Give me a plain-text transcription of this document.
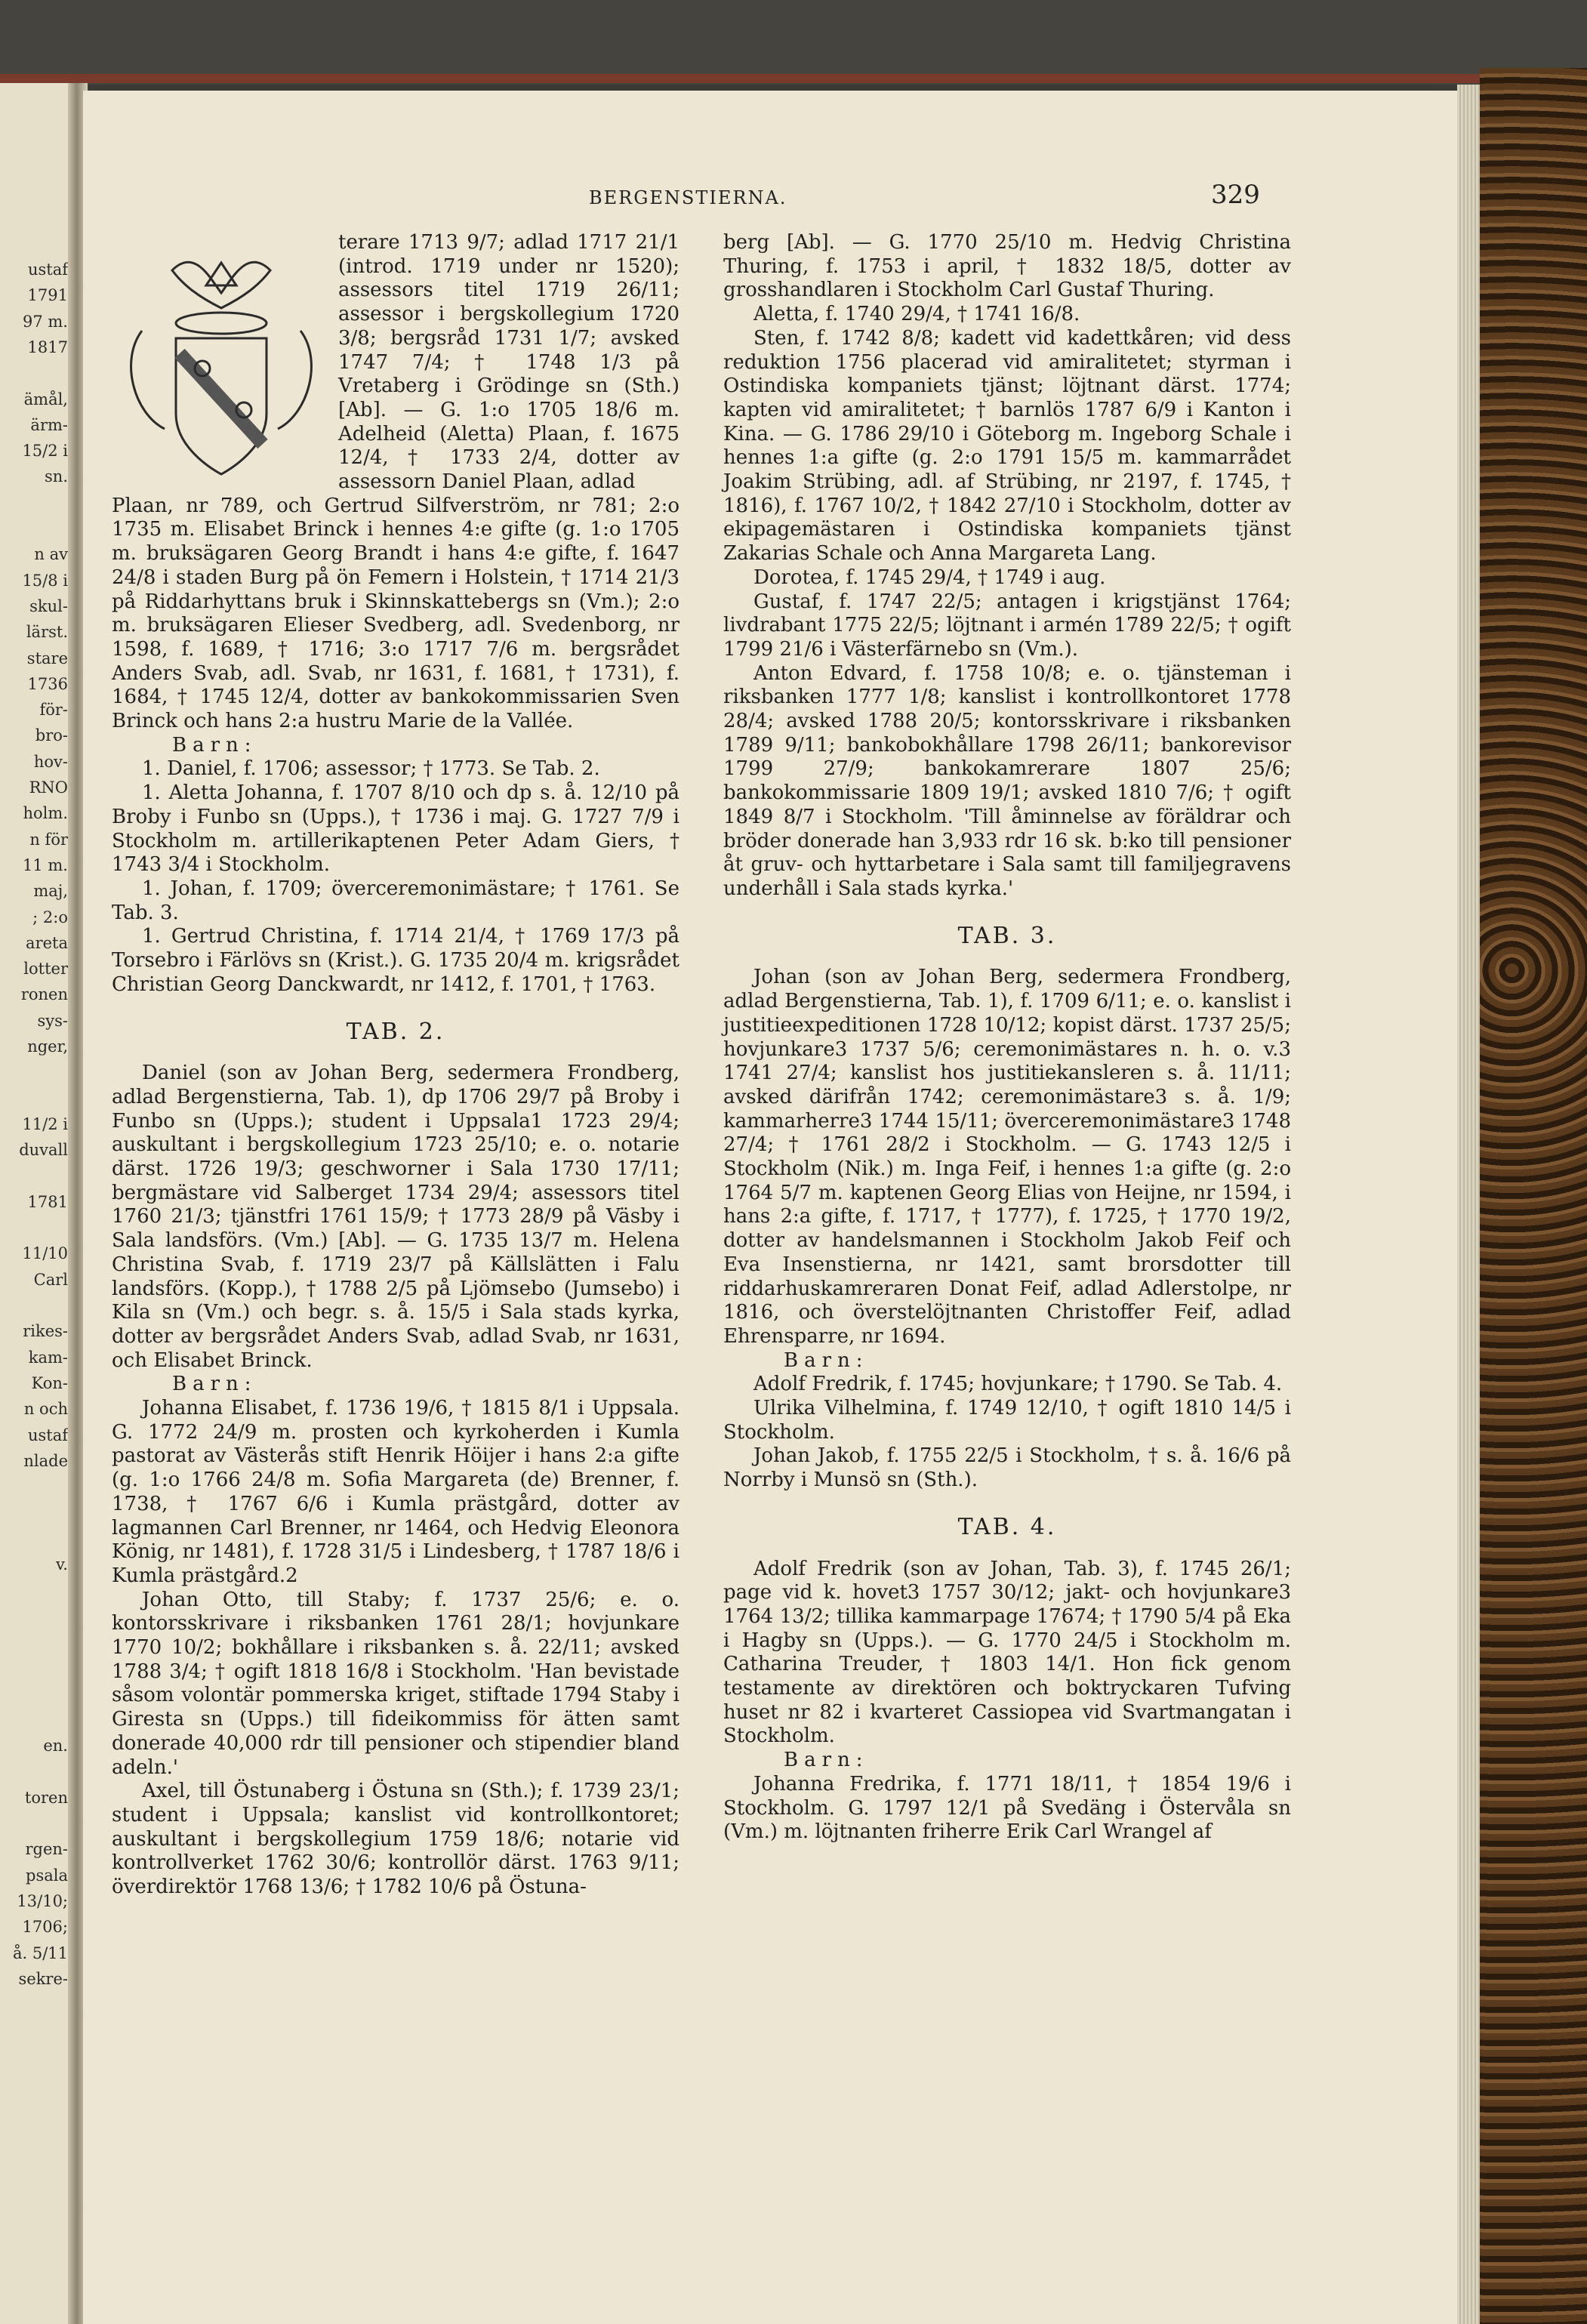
ustaf
1791
97 m.
1817
ämål,
ärm-
15/2 i
sn.
n av
15/8 i
skul-
lärst.
stare
1736
för-
bro-
hov-
RNO
holm.
n för
11 m.
maj,
; 2:o
areta
lotter
ronen
sys-
nger,
11/2 i
duvall
1781
11/10
Carl
rikes-
kam-
Kon-
n och
ustaf
nlade
v.
en.
toren
rgen-
psala
13/10;
1706;
å. 5/11
sekre-
BERGENSTIERNA.	329

terare 1713 9/7; adlad 1717 21/1 (introd. 1719 under nr 1520); assessors titel 1719 26/11; assessor i bergskollegium 1720 3/8; bergsråd 1731 1/7; avsked 1747 7/4; † 1748 1/3 på Vretaberg i Grödinge sn (Sth.) [Ab]. — G. 1:o 1705 18/6 m. Adelheid (Aletta) Plaan, f. 1675 12/4, † 1733 2/4, dotter av assessorn Daniel Plaan, adlad

Plaan, nr 789, och Gertrud Silfverström, nr 781; 2:o 1735 m. Elisabet Brinck i hennes 4:e gifte (g. 1:o 1705 m. bruksägaren Georg Brandt i hans 4:e gifte, f. 1647 24/8 i staden Burg på ön Femern i Holstein, † 1714 21/3 på Riddarhyttans bruk i Skinnskattebergs sn (Vm.); 2:o m. bruksägaren Elieser Svedberg, adl. Svedenborg, nr 1598, f. 1689, † 1716; 3:o 1717 7/6 m. bergsrådet Anders Svab, adl. Svab, nr 1631, f. 1681, † 1731), f. 1684, † 1745 12/4, dotter av bankokommissarien Sven Brinck och hans 2:a hustru Marie de la Vallée.

Barn:

1. Daniel, f. 1706; assessor; † 1773. Se Tab. 2.

1. Aletta Johanna, f. 1707 8/10 och dp s. å. 12/10 på Broby i Funbo sn (Upps.), † 1736 i maj. G. 1727 7/9 i Stockholm m. artillerikaptenen Peter Adam Giers, † 1743 3/4 i Stockholm.

1. Johan, f. 1709; överceremonimästare; † 1761. Se Tab. 3.

1. Gertrud Christina, f. 1714 21/4, † 1769 17/3 på Torsebro i Färlövs sn (Krist.). G. 1735 20/4 m. krigsrådet Christian Georg Danckwardt, nr 1412, f. 1701, † 1763.

TAB. 2.

Daniel (son av Johan Berg, sedermera Frondberg, adlad Bergenstierna, Tab. 1), dp 1706 29/7 på Broby i Funbo sn (Upps.); student i Uppsala1 1723 29/4; auskultant i bergskollegium 1723 25/10; e. o. notarie därst. 1726 19/3; geschworner i Sala 1730 17/11; bergmästare vid Salberget 1734 29/4; assessors titel 1760 21/3; tjänstfri 1761 15/9; † 1773 28/9 på Väsby i Sala landsförs. (Vm.) [Ab]. — G. 1735 13/7 m. Helena Christina Svab, f. 1719 23/7 på Källslätten i Falu landsförs. (Kopp.), † 1788 2/5 på Ljömsebo (Jumsebo) i Kila sn (Vm.) och begr. s. å. 15/5 i Sala stads kyrka, dotter av bergsrådet Anders Svab, adlad Svab, nr 1631, och Elisabet Brinck.

Barn:

Johanna Elisabet, f. 1736 19/6, † 1815 8/1 i Uppsala. G. 1772 24/9 m. prosten och kyrkoherden i Kumla pastorat av Västerås stift Henrik Höijer i hans 2:a gifte (g. 1:o 1766 24/8 m. Sofia Margareta (de) Brenner, f. 1738, † 1767 6/6 i Kumla prästgård, dotter av lagmannen Carl Brenner, nr 1464, och Hedvig Eleonora König, nr 1481), f. 1728 31/5 i Lindesberg, † 1787 18/6 i Kumla prästgård.2

Johan Otto, till Staby; f. 1737 25/6; e. o. kontorsskrivare i riksbanken 1761 28/1; hovjunkare 1770 10/2; bokhållare i riksbanken s. å. 22/11; avsked 1788 3/4; † ogift 1818 16/8 i Stockholm. 'Han bevistade såsom volontär pommerska kriget, stiftade 1794 Staby i Giresta sn (Upps.) till fideikommiss för ätten samt donerade 40,000 rdr till pensioner och stipendier bland adeln.'

Axel, till Östunaberg i Östuna sn (Sth.); f. 1739 23/1; student i Uppsala; kanslist vid kontrollkontoret; auskultant i bergskollegium 1759 18/6; notarie vid kontrollverket 1762 30/6; kontrollör därst. 1763 9/11; överdirektör 1768 13/6; † 1782 10/6 på Östuna-

berg [Ab]. — G. 1770 25/10 m. Hedvig Christina Thuring, f. 1753 i april, † 1832 18/5, dotter av grosshandlaren i Stockholm Carl Gustaf Thuring.

Aletta, f. 1740 29/4, † 1741 16/8.

Sten, f. 1742 8/8; kadett vid kadettkåren; vid dess reduktion 1756 placerad vid amiralitetet; styrman i Ostindiska kompaniets tjänst; löjtnant därst. 1774; kapten vid amiralitetet; † barnlös 1787 6/9 i Kanton i Kina. — G. 1786 29/10 i Göteborg m. Ingeborg Schale i hennes 1:a gifte (g. 2:o 1791 15/5 m. kammarrådet Joakim Strübing, adl. af Strübing, nr 2197, f. 1745, † 1816), f. 1767 10/2, † 1842 27/10 i Stockholm, dotter av ekipagemästaren i Ostindiska kompaniets tjänst Zakarias Schale och Anna Margareta Lang.

Dorotea, f. 1745 29/4, † 1749 i aug.

Gustaf, f. 1747 22/5; antagen i krigstjänst 1764; livdrabant 1775 22/5; löjtnant i armén 1789 22/5; † ogift 1799 21/6 i Västerfärnebo sn (Vm.).

Anton Edvard, f. 1758 10/8; e. o. tjänsteman i riksbanken 1777 1/8; kanslist i kontrollkontoret 1778 28/4; avsked 1788 20/5; kontorsskrivare i riksbanken 1789 9/11; bankobokhållare 1798 26/11; bankorevisor 1799 27/9; bankokamrerare 1807 25/6; bankokommissarie 1809 19/1; avsked 1810 7/6; † ogift 1849 8/7 i Stockholm. 'Till åminnelse av föräldrar och bröder donerade han 3,933 rdr 16 sk. b:ko till pensioner åt gruv- och hyttarbetare i Sala samt till familjegravens underhåll i Sala stads kyrka.'

TAB. 3.

Johan (son av Johan Berg, sedermera Frondberg, adlad Bergenstierna, Tab. 1), f. 1709 6/11; e. o. kanslist i justitieexpeditionen 1728 10/12; kopist därst. 1737 25/5; hovjunkare3 1737 5/6; ceremonimästares n. h. o. v.3 1741 27/4; kanslist hos justitiekansleren s. å. 11/11; avsked därifrån 1742; ceremonimästare3 s. å. 1/9; kammarherre3 1744 15/11; överceremonimästare3 1748 27/4; † 1761 28/2 i Stockholm. — G. 1743 12/5 i Stockholm (Nik.) m. Inga Feif, i hennes 1:a gifte (g. 2:o 1764 5/7 m. kaptenen Georg Elias von Heijne, nr 1594, i hans 2:a gifte, f. 1717, † 1777), f. 1725, † 1770 19/2, dotter av handelsmannen i Stockholm Jakob Feif och Eva Insenstierna, nr 1421, samt brorsdotter till riddarhuskamreraren Donat Feif, adlad Adlerstolpe, nr 1816, och överstelöjtnanten Christoffer Feif, adlad Ehrensparre, nr 1694.

Barn:

Adolf Fredrik, f. 1745; hovjunkare; † 1790. Se Tab. 4.

Ulrika Vilhelmina, f. 1749 12/10, † ogift 1810 14/5 i Stockholm.

Johan Jakob, f. 1755 22/5 i Stockholm, † s. å. 16/6 på Norrby i Munsö sn (Sth.).

TAB. 4.

Adolf Fredrik (son av Johan, Tab. 3), f. 1745 26/1; page vid k. hovet3 1757 30/12; jakt- och hovjunkare3 1764 13/2; tillika kammarpage 17674; † 1790 5/4 på Eka i Hagby sn (Upps.). — G. 1770 24/5 i Stockholm m. Catharina Treuder, † 1803 14/1. Hon fick genom testamente av direktören och boktryckaren Tufving huset nr 82 i kvarteret Cassiopea vid Svartmangatan i Stockholm.

Barn:

Johanna Fredrika, f. 1771 18/11, † 1854 19/6 i Stockholm. G. 1797 12/1 på Svedäng i Östervåla sn (Vm.) m. löjtnanten friherre Erik Carl Wrangel af
